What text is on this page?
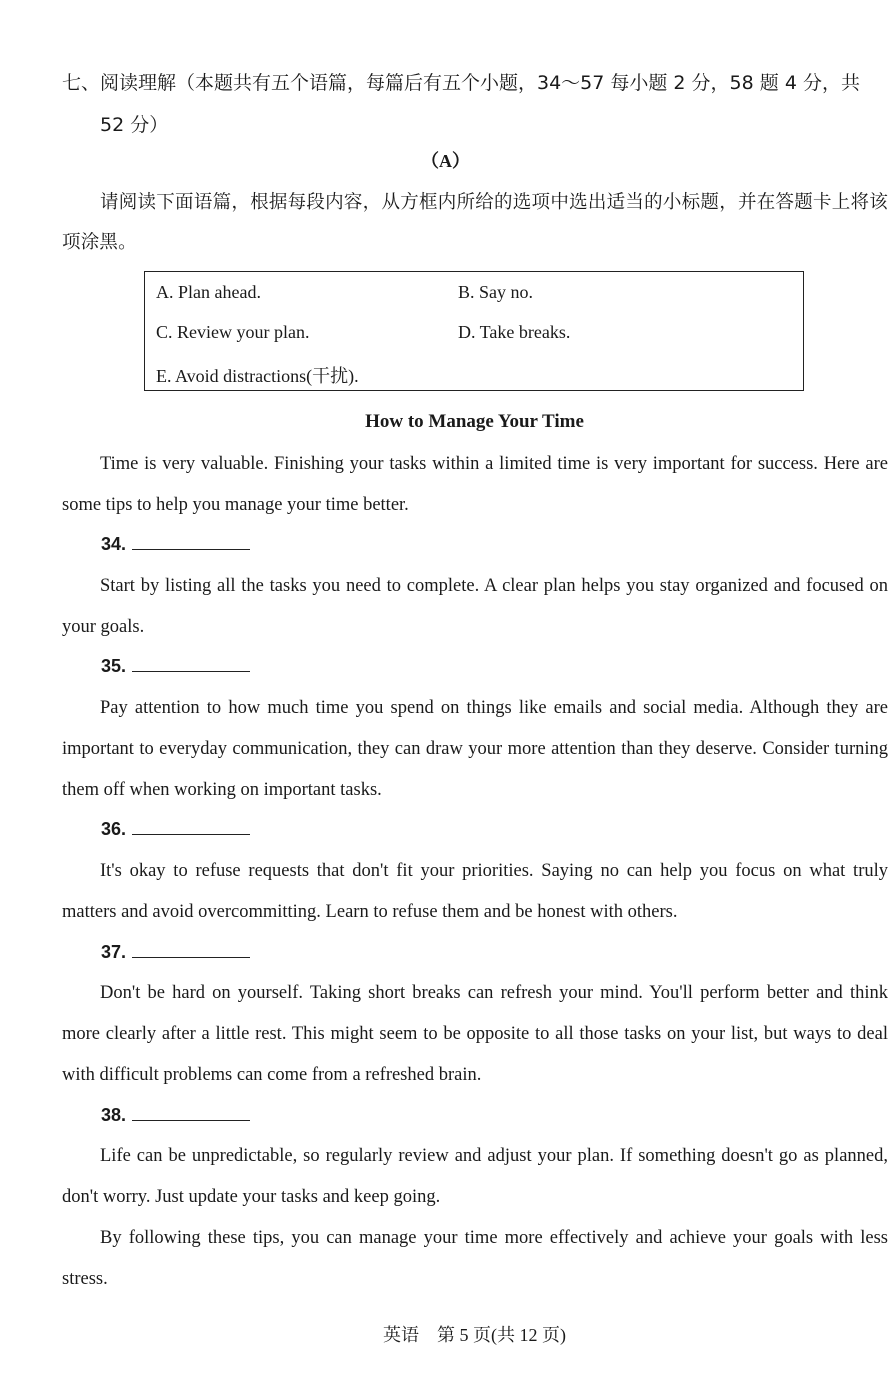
七、阅读理解（本题共有五个语篇，每篇后有五个小题，34～57 每小题 2 分，58 题 4 分，共
52 分）
（A）
请阅读下面语篇，根据每段内容，从方框内所给的选项中选出适当的小标题，并在答题卡上将该项涂黑。
A. Plan ahead.	B. Say no.
C. Review your plan.	D. Take breaks.
E. Avoid distractions(干扰).
How to Manage Your Time
Time is very valuable. Finishing your tasks within a limited time is very important for success. Here are some tips to help you manage your time better.
34.
Start by listing all the tasks you need to complete. A clear plan helps you stay organized and focused on your goals.
35.
Pay attention to how much time you spend on things like emails and social media. Although they are important to everyday communication, they can draw your more attention than they deserve. Consider turning them off when working on important tasks.
36.
It's okay to refuse requests that don't fit your priorities. Saying no can help you focus on what truly matters and avoid overcommitting. Learn to refuse them and be honest with others.
37.
Don't be hard on yourself. Taking short breaks can refresh your mind. You'll perform better and think more clearly after a little rest. This might seem to be opposite to all those tasks on your list, but ways to deal with difficult problems can come from a refreshed brain.
38.
Life can be unpredictable, so regularly review and adjust your plan. If something doesn't go as planned, don't worry. Just update your tasks and keep going.
By following these tips, you can manage your time more effectively and achieve your goals with less stress.
英语　第 5 页(共 12 页)
